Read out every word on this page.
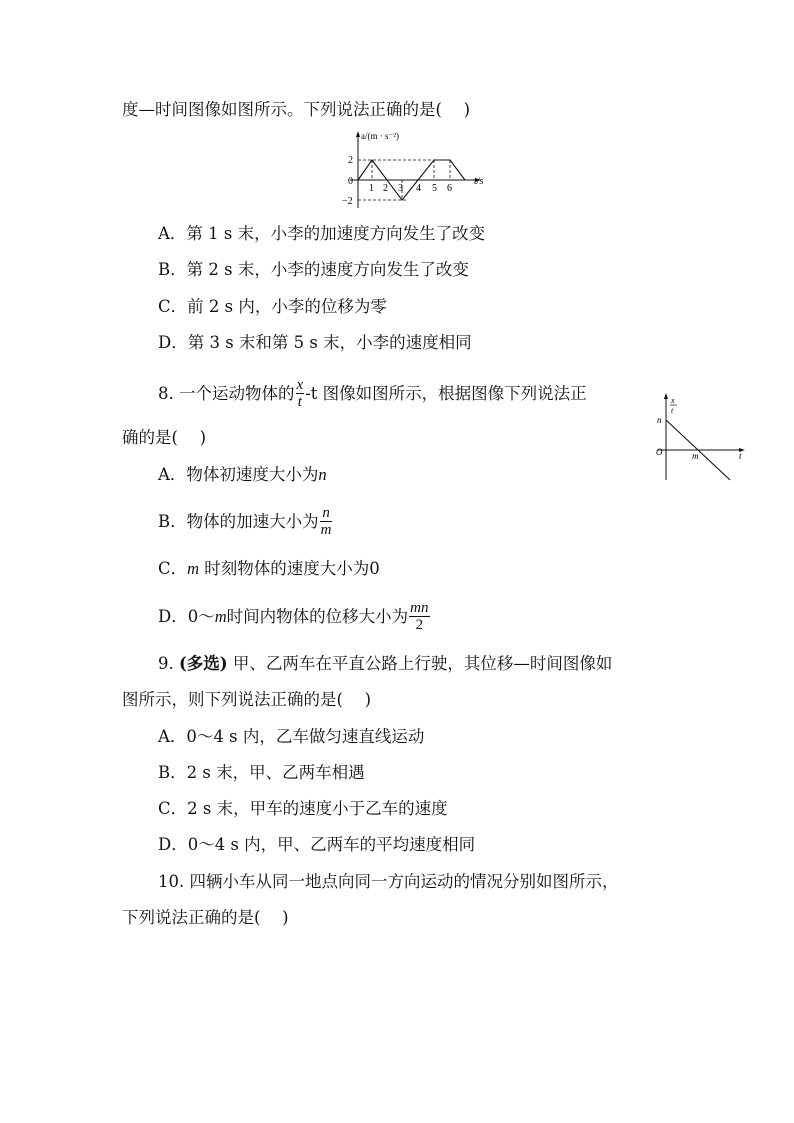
度—时间图像如图所示。下列说法正确的是(　 )
a/(m · s⁻²)
t/s
2
0
−2
1 2 3 4 5 6
A．第 1 s 末，小李的加速度方向发生了改变
B．第 2 s 末，小李的速度方向发生了改变
C．前 2 s 内，小李的位移为零
D．第 3 s 末和第 5 s 末，小李的速度相同
8. 一个运动物体的 $\frac{x}{t} -t$ 图像如图所示，根据图像下列说法正
确的是(　 )
x
t
n
O	m	t
A．物体初速度大小为n
B．物体的加速大小为 $\frac{n}{m}$
C．m 时刻物体的速度大小为0
D．0～ m 时间内物体的位移大小为 $\frac{mn}{2}$
9. (多选) 甲、乙两车在平直公路上行驶，其位移—时间图像如
图所示，则下列说法正确的是(　 )
A．0～4 s 内，乙车做匀速直线运动
B．2 s 末，甲、乙两车相遇
C．2 s 末，甲车的速度小于乙车的速度
D．0～4 s 内，甲、乙两车的平均速度相同
10. 四辆小车从同一地点向同一方向运动的情况分别如图所示，
下列说法正确的是(　 )
